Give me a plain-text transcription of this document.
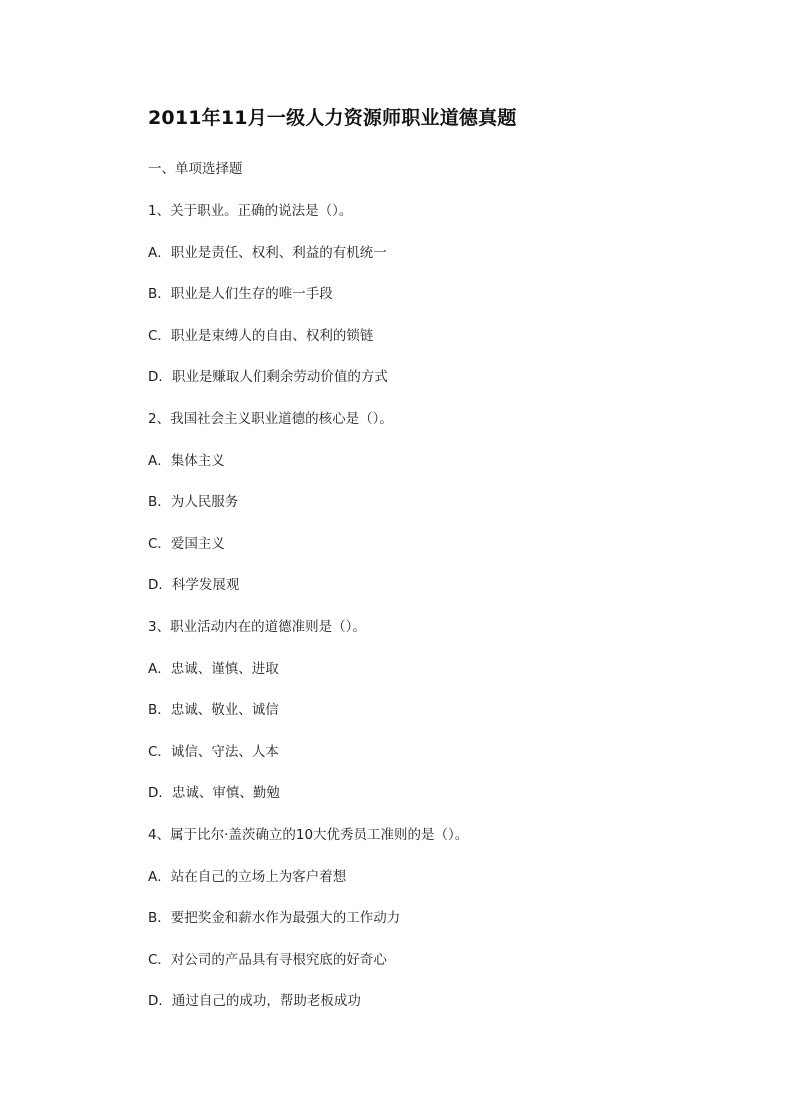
2011年11月一级人力资源师职业道德真题
一、单项选择题
1、关于职业。正确的说法是（）。
A．职业是责任、权利、利益的有机统一
B．职业是人们生存的唯一手段
C．职业是束缚人的自由、权利的锁链
D．职业是赚取人们剩余劳动价值的方式
2、我国社会主义职业道德的核心是（）。
A．集体主义
B．为人民服务
C．爱国主义
D．科学发展观
3、职业活动内在的道德准则是（）。
A．忠诚、谨慎、进取
B．忠诚、敬业、诚信
C．诚信、守法、人本
D．忠诚、审慎、勤勉
4、属于比尔·盖茨确立的10大优秀员工准则的是（）。
A．站在自己的立场上为客户着想
B．要把奖金和薪水作为最强大的工作动力
C．对公司的产品具有寻根究底的好奇心
D．通过自己的成功，帮助老板成功
